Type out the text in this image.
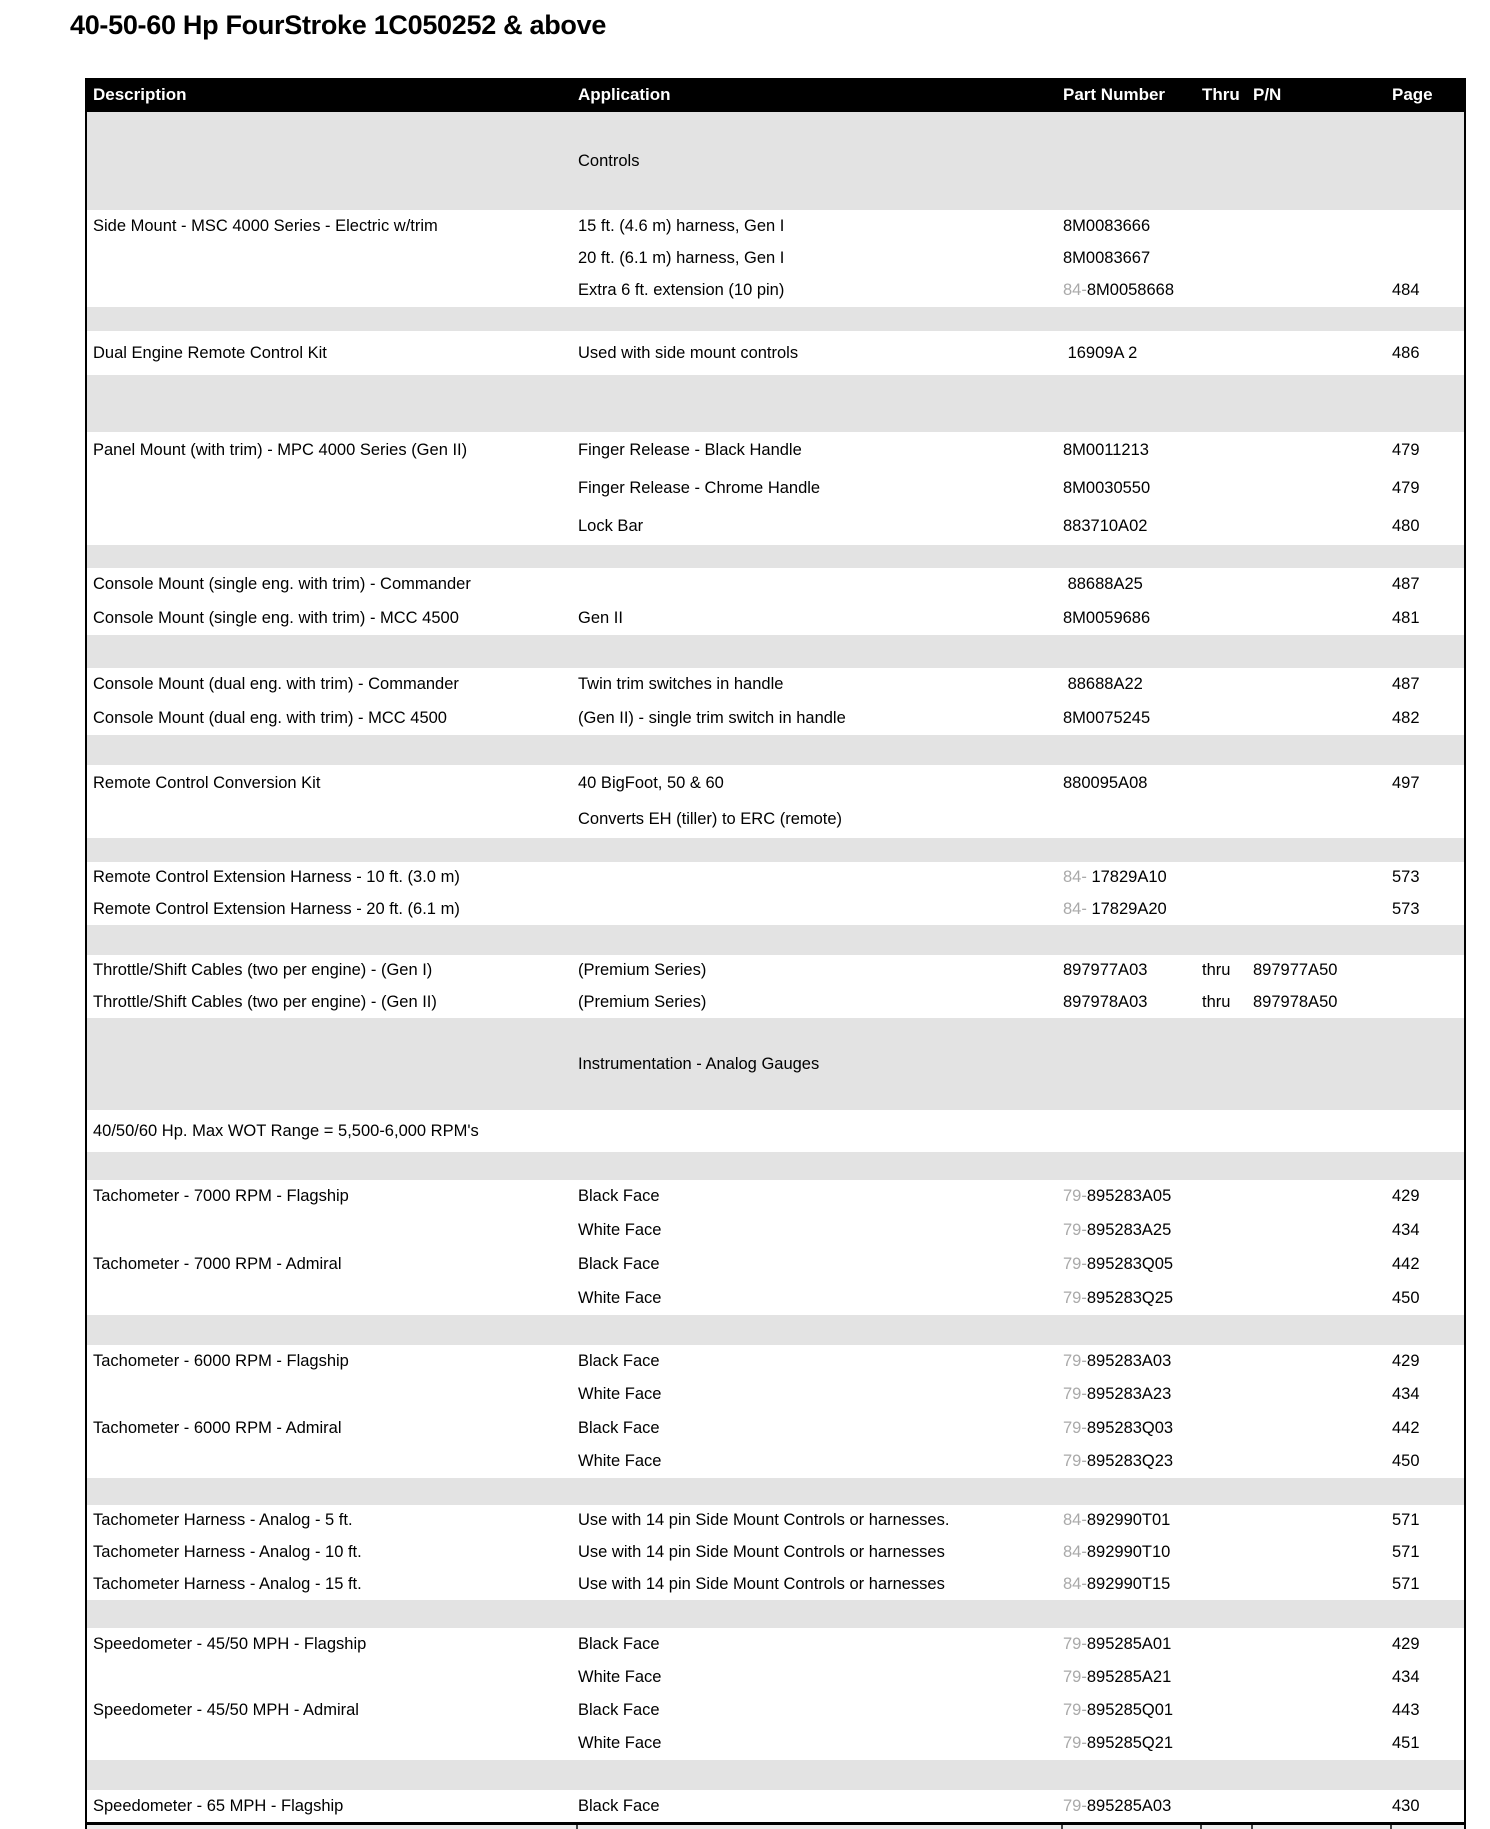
40-50-60 Hp FourStroke 1C050252 & above
Description	Application	Part Number	Thru P/N	Page
Controls
Side Mount - MSC 4000 Series - Electric w/trim	15 ft. (4.6 m) harness, Gen I	8M0083666
20 ft. (6.1 m) harness, Gen I	8M0083667
Extra 6 ft. extension (10 pin)	84-8M0058668	484
Dual Engine Remote Control Kit	Used with side mount controls	16909A 2	486
Panel Mount (with trim) - MPC 4000 Series (Gen II)	Finger Release - Black Handle	8M0011213	479
Finger Release - Chrome Handle	8M0030550	479
Lock Bar	883710A02	480
Console Mount (single eng. with trim) - Commander	88688A25	487
Console Mount (single eng. with trim) - MCC 4500	Gen II	8M0059686	481
Console Mount (dual eng. with trim) - Commander	Twin trim switches in handle	88688A22	487
Console Mount (dual eng. with trim) - MCC 4500	(Gen II) - single trim switch in handle	8M0075245	482
Remote Control Conversion Kit	40 BigFoot, 50 & 60	880095A08	497
Converts EH (tiller) to ERC (remote)
Remote Control Extension Harness - 10 ft. (3.0 m)	84- 17829A10	573
Remote Control Extension Harness - 20 ft. (6.1 m)	84- 17829A20	573
Throttle/Shift Cables (two per engine) - (Gen I)	(Premium Series)	897977A03	thru	897977A50
Throttle/Shift Cables (two per engine) - (Gen II)	(Premium Series)	897978A03	thru	897978A50
Instrumentation - Analog Gauges
40/50/60 Hp. Max WOT Range = 5,500-6,000 RPM's
Tachometer - 7000 RPM - Flagship	Black Face	79-895283A05	429
White Face	79-895283A25	434
Tachometer - 7000 RPM - Admiral	Black Face	79-895283Q05	442
White Face	79-895283Q25	450
Tachometer - 6000 RPM - Flagship	Black Face	79-895283A03	429
White Face	79-895283A23	434
Tachometer - 6000 RPM - Admiral	Black Face	79-895283Q03	442
White Face	79-895283Q23	450
Tachometer Harness - Analog - 5 ft.	Use with 14 pin Side Mount Controls or harnesses.	84-892990T01	571
Tachometer Harness - Analog - 10 ft.	Use with 14 pin Side Mount Controls or harnesses	84-892990T10	571
Tachometer Harness - Analog - 15 ft.	Use with 14 pin Side Mount Controls or harnesses	84-892990T15	571
Speedometer - 45/50 MPH - Flagship	Black Face	79-895285A01	429
White Face	79-895285A21	434
Speedometer - 45/50 MPH - Admiral	Black Face	79-895285Q01	443
White Face	79-895285Q21	451
Speedometer - 65 MPH - Flagship	Black Face	79-895285A03	430
